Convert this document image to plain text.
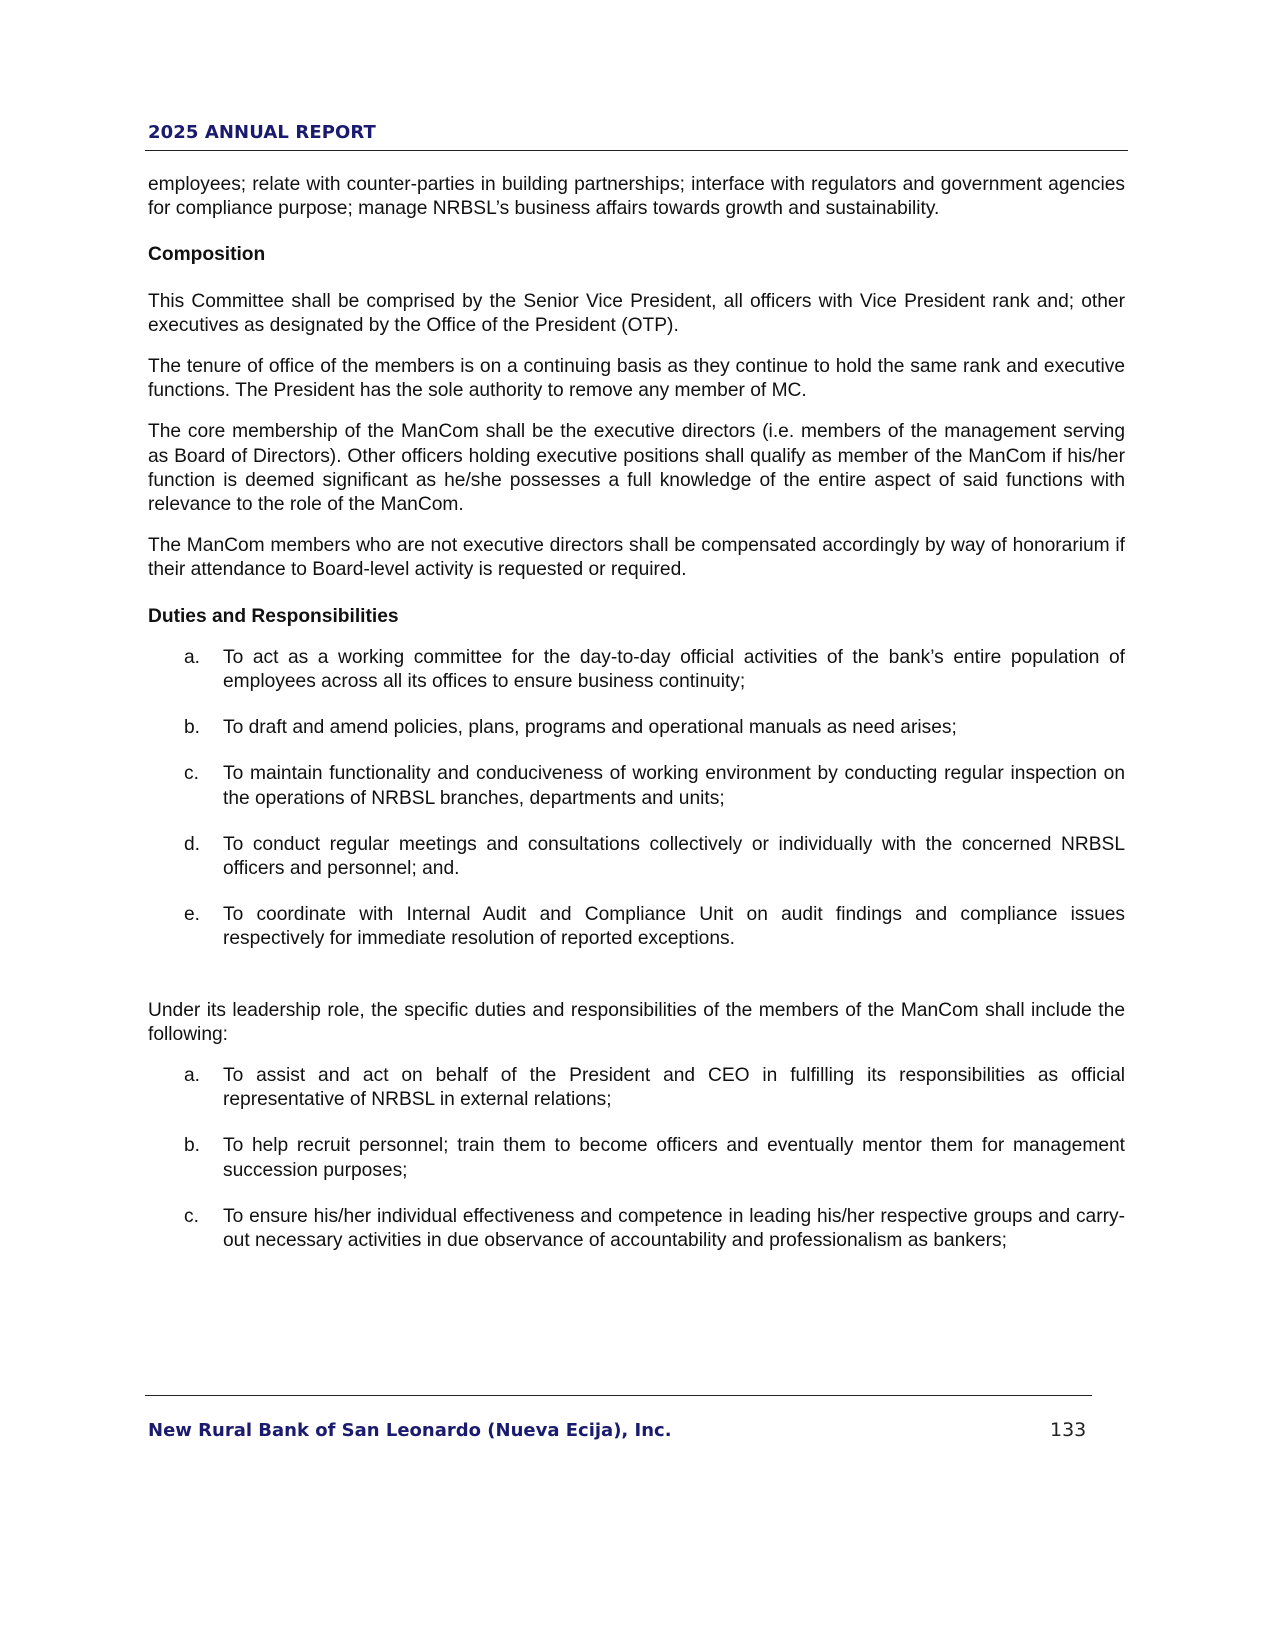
2025 ANNUAL REPORT

employees; relate with counter-parties in building partnerships; interface with regulators and government agencies for compliance purpose; manage NRBSL’s business affairs towards growth and sustainability.

Composition

This Committee shall be comprised by the Senior Vice President, all officers with Vice President rank and; other executives as designated by the Office of the President (OTP).

The tenure of office of the members is on a continuing basis as they continue to hold the same rank and executive functions. The President has the sole authority to remove any member of MC.

The core membership of the ManCom shall be the executive directors (i.e. members of the management serving as Board of Directors). Other officers holding executive positions shall qualify as member of the ManCom if his/her function is deemed significant as he/she possesses a full knowledge of the entire aspect of said functions with relevance to the role of the ManCom.

The ManCom members who are not executive directors shall be compensated accordingly by way of honorarium if their attendance to Board-level activity is requested or required.

Duties and Responsibilities

a.	To act as a working committee for the day-to-day official activities of the bank’s entire population of employees across all its offices to ensure business continuity;
b.	To draft and amend policies, plans, programs and operational manuals as need arises;
c.	To maintain functionality and conduciveness of working environment by conducting regular inspection on the operations of NRBSL branches, departments and units;
d.	To conduct regular meetings and consultations collectively or individually with the concerned NRBSL officers and personnel; and.
e.	To coordinate with Internal Audit and Compliance Unit on audit findings and compliance issues respectively for immediate resolution of reported exceptions.

Under its leadership role, the specific duties and responsibilities of the members of the ManCom shall include the following:

a.	To assist and act on behalf of the President and CEO in fulfilling its responsibilities as official representative of NRBSL in external relations;
b.	To help recruit personnel; train them to become officers and eventually mentor them for management succession purposes;
c.	To ensure his/her individual effectiveness and competence in leading his/her respective groups and carry-out necessary activities in due observance of accountability and professionalism as bankers;
New Rural Bank of San Leonardo (Nueva Ecija), Inc.	133
